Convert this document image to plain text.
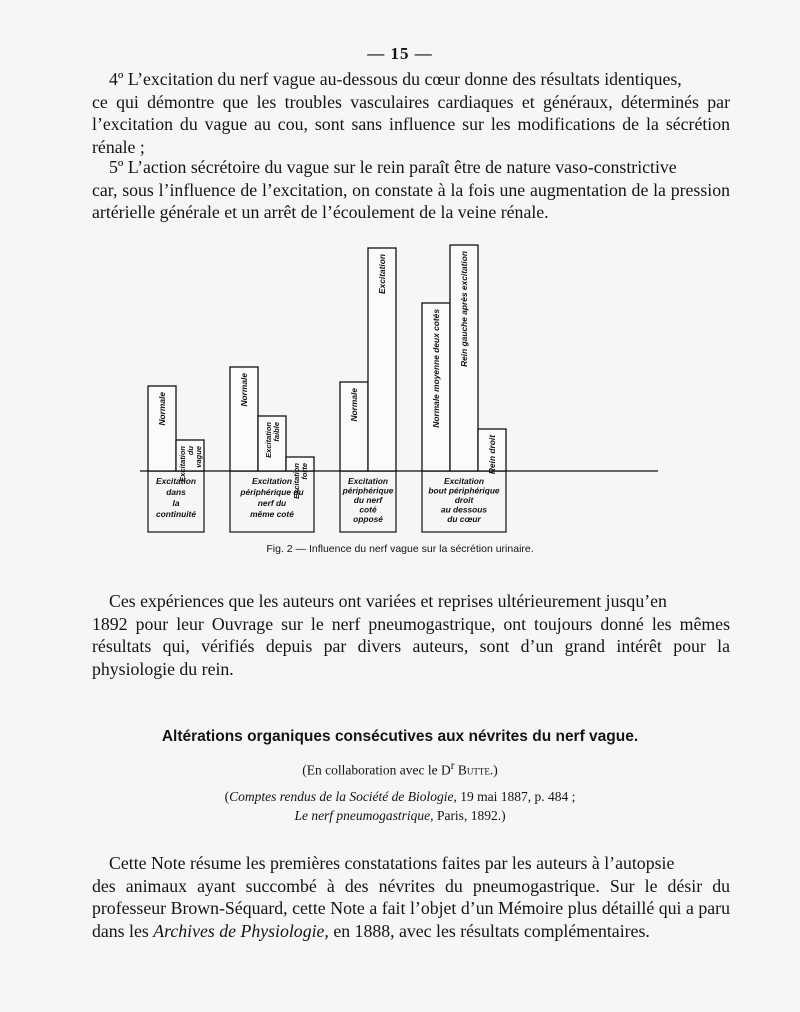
— 15 —

4º L’excitation du nerf vague au-dessous du cœur donne des résultats identiques,
ce qui démontre que les troubles vasculaires cardiaques et généraux, déterminés par l’excitation du vague au cou, sont sans influence sur les modifications de la sécrétion rénale ;

5º L’action sécrétoire du vague sur le rein paraît être de nature vaso-constrictive
car, sous l’influence de l’excitation, on constate à la fois une augmentation de la pression artérielle générale et un arrêt de l’écoulement de la veine rénale.

Excitation
dans
la
continuité
Normale
Excitation du vague
Excitation
périphérique du
nerf du
même coté
Normale
Excitation faible
Excitation forte
Excitation
périphérique
du nerf
coté
opposé
Normale
Excitation
Excitation
bout périphérique
droit
au dessous
du cœur
Normale moyenne deux cotés
Rein gauche après excitation
Rein droit
Fig. 2 — Influence du nerf vague sur la sécrétion urinaire.

Ces expériences que les auteurs ont variées et reprises ultérieurement jusqu’en
1892 pour leur Ouvrage sur le nerf pneumogastrique, ont toujours donné les mêmes résultats qui, vérifiés depuis par divers auteurs, sont d’un grand intérêt pour la physiologie du rein.

Altérations organiques consécutives aux névrites du nerf vague.
(En collaboration avec le $D^r$ Butte.)
(Comptes rendus de la Société de Biologie, 19 mai 1887, p. 484 ;
Le nerf pneumogastrique, Paris, 1892.)

Cette Note résume les premières constatations faites par les auteurs à l’autopsie
des animaux ayant succombé à des névrites du pneumogastrique. Sur le désir du professeur Brown-Séquard, cette Note a fait l’objet d’un Mémoire plus détaillé qui a paru dans les Archives de Physiologie, en 1888, avec les résultats complémentaires.
